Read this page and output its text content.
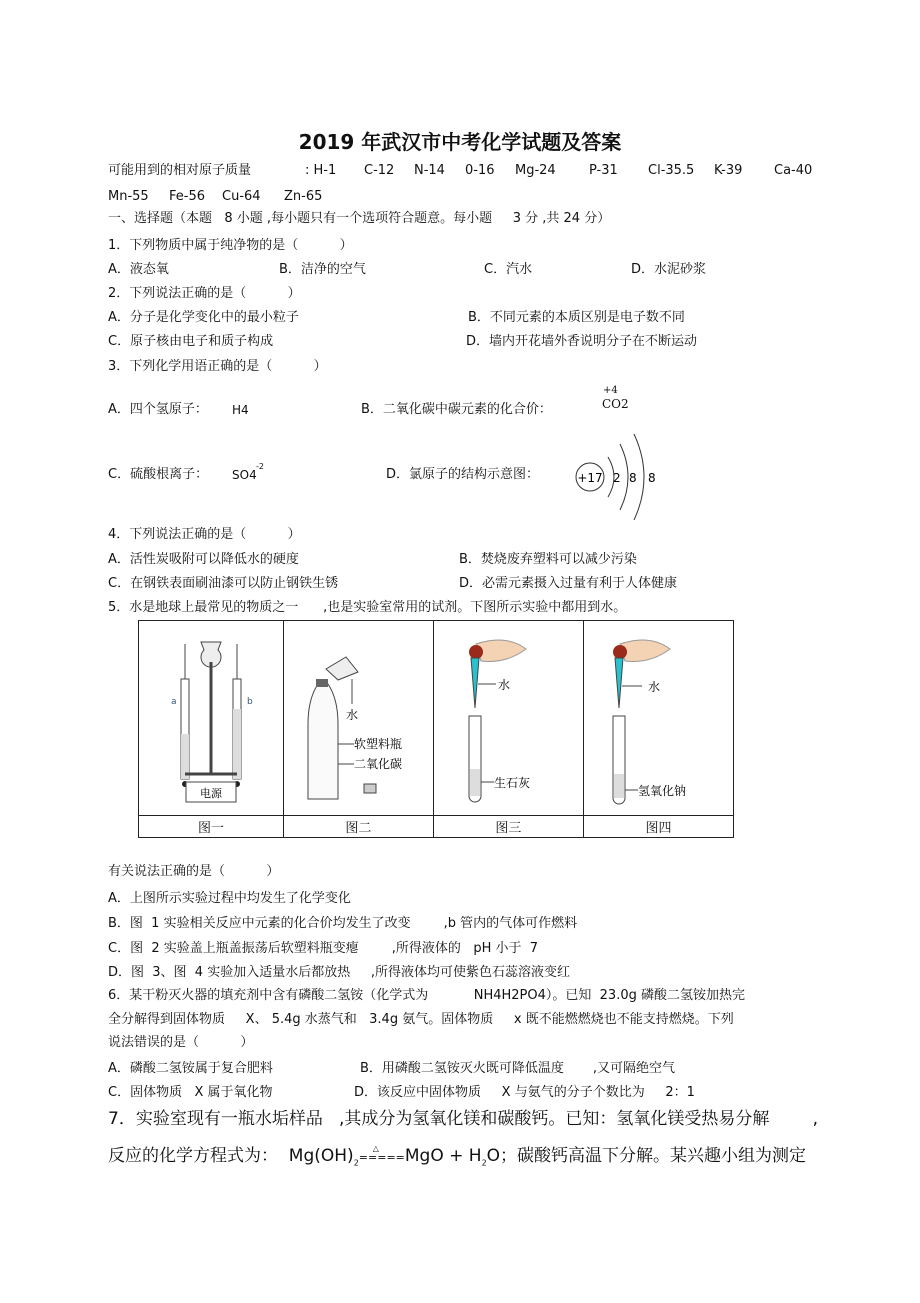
2019 年武汉市中考化学试题及答案
可能用到的相对原子质量	: H-1 C-12 N-14 0-16 Mg-24	P-31 Cl-35.5 K-39 Ca-40
Mn-55 Fe-56 Cu-64 Zn-65
一、选择题（本题   8 小题 ,每小题只有一个选项符合题意。每小题     3 分 ,共 24 分）
1．下列物质中属于纯净物的是（          ）
A．液态氧	B．洁净的空气	C．汽水	D．水泥砂浆
2．下列说法正确的是（          ）
A．分子是化学变化中的最小粒子	B．不同元素的本质区别是电子数不同
C．原子核由电子和质子构成	D．墙内开花墙外香说明分子在不断运动
3．下列化学用语正确的是（          ）
A．四个氢原子： H4	B．二氧化碳中碳元素的化合价：
+4
CO2
C．硫酸根离子： SO4
-2
D．氯原子的结构示意图：	+17 2 8 8
4．下列说法正确的是（          ）
A．活性炭吸附可以降低水的硬度	B．焚烧废弃塑料可以减少污染
C．在钢铁表面刷油漆可以防止钢铁生锈	D．必需元素摄入过量有利于人体健康
5．水是地球上最常见的物质之一      ,也是实验室常用的试剂。下图所示实验中都用到水。
a b
电源	水
软塑料瓶
二氧化碳	水
生石灰	水
氢氧化钠

图一	图二	图三	图四
有关说法正确的是（          ）
A．上图所示实验过程中均发生了化学变化
B．图  1 实验相关反应中元素的化合价均发生了改变        ,b 管内的气体可作燃料
C．图  2 实验盖上瓶盖振荡后软塑料瓶变瘪        ,所得液体的   pH 小于  7
D．图  3、图  4 实验加入适量水后都放热     ,所得液体均可使紫色石蕊溶液变红
6．某干粉灭火器的填充剂中含有磷酸二氢铵（化学式为           NH4H2PO4）。已知  23.0g 磷酸二氢铵加热完
全分解得到固体物质     X、 5.4g 水蒸气和   3.4g 氨气。固体物质     x 既不能燃燃烧也不能支持燃烧。下列
说法错误的是（          ）
A．磷酸二氢铵属于复合肥料	B．用磷酸二氢铵灭火既可降低温度       ,又可隔绝空气
C．固体物质   X 属于氧化物	D．该反应中固体物质     X 与氨气的分子个数比为     2：1
7．实验室现有一瓶水垢样品   ,其成分为氢氧化镁和碳酸钙。已知：氢氧化镁受热易分解        ,
反应的化学方程式为：  $Mg(OH)_2$
△
$=====MgO + H_2O$；碳酸钙高温下分解。某兴趣小组为测定
